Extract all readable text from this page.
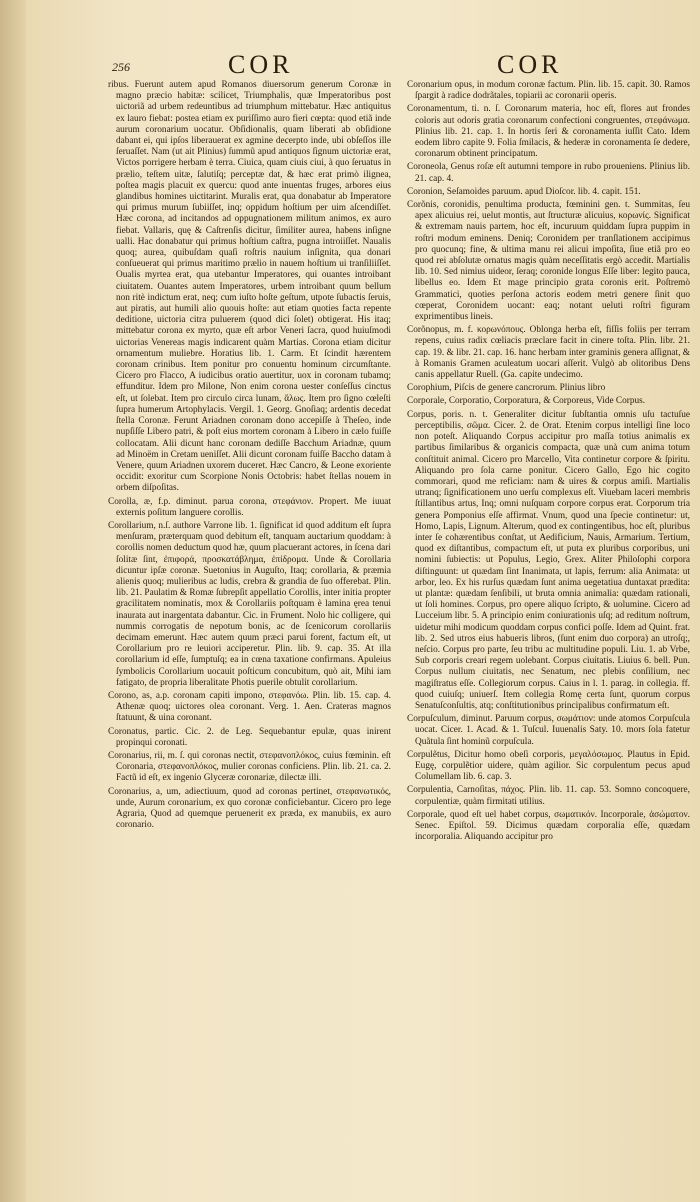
256	COR	COR

ribus. Fuerunt autem apud Romanos diuersorum generum Coronæ in magno præcio habitæ: scilicet, Triumphalis, quæ Imperatoribus post uictoriã ad urbem redeuntibus ad triumphum mittebatur. Hæc antiquitus ex lauro fiebat: postea etiam ex puriſſimo auro fieri cœpta: quod etiã inde aurum coronarium uocatur. Obſidionalis, quam liberati ab obſidione dabant ei, qui ipſos liberauerat ex agmine decerpto inde, ubi obſeſſos ille ſeruaſſet. Nam (ut ait Plinius) ſummũ apud antiquos ſignum uictoriæ erat, Victos porrigere herbam è terra. Ciuica, quam ciuis ciui, à quo ſeruatus in prælio, teſtem uitæ, ſalutiſq; perceptæ dat, & hæc erat primò ilignea, poſtea magis placuit ex quercu: quod ante inuentas fruges, arbores eius glandibus homines uictitarint. Muralis erat, qua donabatur ab Imperatore qui primus murum ſubiiſſet, inq; oppidum hoſtium per uim aſcendiſſet. Hæc corona, ad incitandos ad oppugnationem militum animos, ex auro fiebat. Vallaris, quę & Caſtrenſis dicitur, ſimiliter aurea, habens inſigne ualli. Hac donabatur qui primus hoſtium caſtra, pugna introiiſſet. Naualis quoq; aurea, quibuſdam quaſi roſtris nauium inſignita, qua donari conſueuerat qui primus maritimo prælio in nauem hoſtium ui tranſiliiſſet. Oualis myrtea erat, qua utebantur Imperatores, qui ouantes introibant ciuitatem. Ouantes autem Imperatores, urbem introibant quum bellum non ritè indictum erat, neq; cum iuſto hoſte geſtum, utpote ſubactis ſeruis, aut piratis, aut humili alio quouis hoſte: aut etiam quoties facta repente deditione, uictoria citra puluerem (quod dici ſolet) obtigerat. His itaq; mittebatur corona ex myrto, quæ eſt arbor Veneri ſacra, quod huiuſmodi uictorias Venereas magis indicarent quàm Martias. Corona etiam dicitur ornamentum muliebre. Horatius lib. 1. Carm. Et ſcindit hærentem coronam crinibus. Item ponitur pro conuentu hominum circumſtante. Cicero pro Flacco, A iudicibus oratio auertitur, uox in coronam tubamq; effunditur. Idem pro Milone, Non enim corona uester conſeſſus cinctus eſt, ut ſolebat. Item pro circulo circa lunam, ἅλως. Item pro ſigno cœleſti ſupra humerum Artophylacis. Vergil. 1. Georg. Gnoſiaq; ardentis decedat ſtella Coronæ. Ferunt Ariadnen coronam dono accepiſſe à Theſeo, inde nupſiſſe Libero patri, & poſt eius mortem coronam à Libero in cælo fuiſſe collocatam. Alii dicunt hanc coronam dediſſe Bacchum Ariadnæ, quum ad Minoëm in Cretam ueniſſet. Alii dicunt coronam fuiſſe Baccho datam à Venere, quum Ariadnen uxorem duceret. Hæc Cancro, & Leone exoriente occidit: exoritur cum Scorpione Nonis Octobris: habet ſtellas nouem in orbem diſpoſitas.

Corolla, æ, f.p. diminut. parua corona, στεφάνιον. Propert. Me iuuat externis poſitum languere corollis.

Corollarium, n.ſ. authore Varrone lib. 1. ſignificat id quod additum eſt ſupra menſuram, præterquam quod debitum eſt, tanquam auctarium quoddam: à corollis nomen deductum quod hæ, quum placuerant actores, in ſcena dari ſolitæ ſint, ἐπιφορά, προσκατάβλημα, ἐπίδρομα. Unde & Corollaria dicuntur ipſæ coronæ. Suetonius in Auguſto, Itaq; corollaria, & præmia alienis quoq; mulieribus ac ludis, crebra & grandia de ſuo offerebat. Plin. lib. 21. Paulatim & Romæ ſubrepſit appellatio Corollis, inter initia propter gracilitatem nominatis, mox & Corollariis poſtquam è lamina ęrea tenui inaurata aut inargentata dabantur. Cic. in Frument. Nolo hic colligere, qui nummis corrogatis de nepotum bonis, ac de ſcenicorum corollariis decimam emerunt. Hæc autem quum præci parui forent, factum eſt, ut Corollarium pro re leuiori acciperetur. Plin. lib. 9. cap. 35. At illa corollarium id eſſe, ſumptuſq; ea in cœna taxatione confirmans. Apuleius ſymbolicis Corollarium uocauit poſticum concubitum, quò ait, Mihi iam fatigato, de propria liberalitate Photis puerile obtulit corollarium.

Corono, as, a.p. coronam capiti impono, στεφανόω. Plin. lib. 15. cap. 4. Athenæ quoq; uictores olea coronant. Verg. 1. Aen. Crateras magnos ſtatuunt, & uina coronant.

Coronatus, partic. Cic. 2. de Leg. Sequebantur epulæ, quas inirent propinqui coronati.

Coronarius, rii, m. ſ. qui coronas nectit, στεφανοπλόκος, cuius fœminin. eſt Coronaria, στεφανοπλόκος, mulier coronas conficiens. Plin. lib. 21. ca. 2. Factũ id eſt, ex ingenio Glyceræ coronariæ, dilectæ illi.

Coronarius, a, um, adiectiuum, quod ad coronas pertinet, στεφανωτικός, unde, Aurum coronarium, ex quo coronæ conficiebantur. Cicero pro lege Agraria, Quod ad quemque peruenerit ex præda, ex manubiis, ex auro coronario.

Coronarium opus, in modum coronæ factum. Plin. lib. 15. capit. 30. Ramos ſpargit à radice dodrãtales, topiarii ac coronarii operis.

Coronamentum, ti. n. ſ. Coronarum materia, hoc eſt, flores aut frondes coloris aut odoris gratia coronarum confectioni congruentes, στεφάνωμα. Plinius lib. 21. cap. 1. In hortis ſeri & coronamenta iuſſit Cato. Idem eodem libro capite 9. Folia ſmilacis, & hederæ in coronamenta ſe dedere, coronarum obtinent principatum.

Coroneola, Genus roſæ eſt autumni tempore in rubo proueniens. Plinius lib. 21. cap. 4.

Coronion, Seſamoides paruum. apud Dioſcor. lib. 4. capit. 151.

Corõnis, coronidis, penultima producta, fœminini gen. t. Summitas, ſeu apex alicuius rei, uelut montis, aut ſtructuræ alicuius, κορωνίς. Significat & extremam nauis partem, hoc eſt, incuruum quiddam ſupra puppim in roſtri modum eminens. Deniq; Coronidem per tranſlationem accipimus pro quocunq; fine, & ultima manu rei alicui impoſita, ſiue etiã pro eo quod rei abſolutæ ornatus magis quàm neceſſitatis ergò accedit. Martialis lib. 10. Sed nimius uideor, ſeraq; coronide longus Eſſe liber: legito pauca, libellus eo. Idem Et mage principio grata coronis erit. Poſtremò Grammatici, quoties perſona actoris eodem metri genere ſinit quo cœperat, Coronidem uocant: eaq; notant ueluti roſtri figuram exprimentibus lineis.

Corõnopus, m. f. κορωνόπους. Oblonga herba eſt, fiſſis foliis per terram repens, cuius radix cœliacis præclare facit in cinere toſta. Plin. libr. 21. cap. 19. & libr. 21. cap. 16. hanc herbam inter graminis genera aſſignat, & à Romanis Gramen aculeatum uocari aſſerit. Vulgò ab olitoribus Dens canis appellatur Ruell. (Ga. capite undecimo.

Corophium, Piſcis de genere cancrorum. Plinius libro

Corporale, Corporatio, Corporatura, & Corporeus, Vide Corpus.

Corpus, poris. n. t. Generaliter dicitur ſubſtantia omnis uſu tactuſue perceptibilis, σῶμα. Cicer. 2. de Orat. Etenim corpus intelligi ſine loco non poteſt. Aliquando Corpus accipitur pro maſſa totius animalis ex partibus ſimilaribus & organicis compacta, quæ unà cum anima totum conſtituit animal. Cicero pro Marcello, Vita continetur corpore & ſpiritu. Aliquando pro ſola carne ponitur. Cicero Gallo, Ego hic cogito commorari, quod me reficiam: nam & uires & corpus amiſi. Martialis utranq; ſignificationem uno uerſu complexus eſt. Viuebam laceri membris ſtillantibus artus, Inq; omni nuſquam corpore corpus erat. Corporum tria genera Pomponius eſſe affirmat. Vnum, quod una ſpecie continetur: ut, Homo, Lapis, Lignum. Alterum, quod ex contingentibus, hoc eſt, pluribus inter ſe cohærentibus conſtat, ut Aedificium, Nauis, Armarium. Tertium, quod ex diſtantibus, compactum eſt, ut puta ex pluribus corporibus, uni nomini ſubiectis: ut Populus, Legio, Grex. Aliter Philoſophi corpora diſtinguunt: ut quædam ſint Inanimata, ut lapis, ferrum: alia Animata: ut arbor, leo. Ex his rurſus quædam ſunt anima uegetatiua duntaxat prædita: ut plantæ: quædam ſenſibili, ut bruta omnia animalia: quædam rationali, ut ſoli homines. Corpus, pro opere aliquo ſcripto, & uolumine. Cicero ad Lucceium libr. 5. A principio enim coniurationis uſq; ad reditum noſtrum, uidetur mihi modicum quoddam corpus confici poſſe. Idem ad Quint. frat. lib. 2. Sed utros eius habueris libros, (ſunt enim duo corpora) an utroſq;, neſcio. Corpus pro parte, ſeu tribu ac multitudine populi. Liu. 1. ab Vrbe, Sub corporis creari regem uolebant. Corpus ciuitatis. Liuius 6. bell. Pun. Corpus nullum ciuitatis, nec Senatum, nec plebis conſilium, nec magiſtratus eſſe. Collegiorum corpus. Caius in l. 1. parag. in collegia. ff. quod cuiuſq; uniuerſ. Item collegia Romę certa ſunt, quorum corpus Senatuſconſultis, atq; conſtitutionibus principalibus confirmatum eſt.

Corpuſculum, diminut. Paruum corpus, σωμάτιον: unde atomos Corpuſcula uocat. Cicer. 1. Acad. & 1. Tuſcul. Iuuenalis Saty. 10. mors ſola fatetur Quãtula ſint hominũ corpuſcula.

Corpulẽtus, Dicitur homo obeſi corporis, μεγαλόσωμος. Plautus in Epid. Eugę, corpulẽtior uidere, quàm agilior. Sic corpulentum pecus apud Columellam lib. 6. cap. 3.

Corpulentia, Carnoſitas, πάχος. Plin. lib. 11. cap. 53. Somno concoquere, corpulentiæ, quàm firmitati utilius.

Corporale, quod eſt uel habet corpus, σωματικόν. Incorporale, ἀσώματον. Senec. Epiſtol. 59. Dicimus quædam corporalia eſſe, quædam incorporalia. Aliquando accipitur pro
